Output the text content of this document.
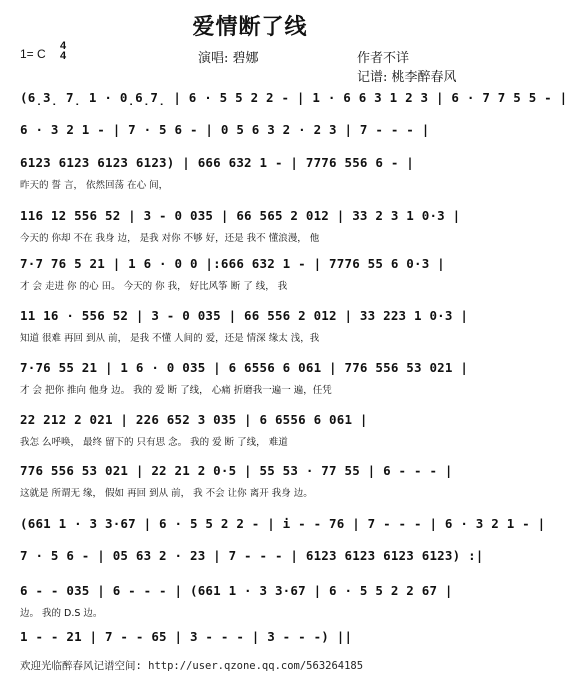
爱情断了线
1= C
4
4	演唱: 碧娜	作者不详
记谱: 桃李醉春风
(6̣3̣ 7̣ 1 · 0̣6̣7̣ | 6 · 5 5 2 2 - | 1 · 6 6 3 1 2 3 | 6 · 7 7 5 5 - |
6 · 3 2 1 - | 7 · 5 6 - | 0 5 6 3 2 · 2 3 | 7 - - - |
6123 6123 6123 6123) | 666 632 1 - | 7776 556 6 - |
昨天的 誓 言， 依然回荡 在心 间，
116 12 556 52 | 3 - 0 035 | 66 565 2 012 | 33 2 3 1 0·3 |
今天的 你却 不在 我身 边， 是我 对你 不够 好，还是 我不 懂浪漫， 他
7·7 76 5 21 | 1 6 · 0 0 |:666 632 1 - | 7776 55 6 0·3 |
才 会 走进 你 的心 田。 今天的 你 我， 好比风筝 断 了 线， 我
11 16 · 556 52 | 3 - 0 035 | 66 556 2 012 | 33 223 1 0·3 |
知道 很难 再回 到从 前， 是我 不懂 人间的 爱，还是 情深 缘太 浅，我
7·76 55 21 | 1 6 · 0 035 | 6 6556 6 061 | 776 556 53 021 |
才 会 把你 推向 他身 边。 我的 爱 断 了线， 心痛 折磨我一遍一 遍，任凭
22 212 2 021 | 226 652 3 035 | 6 6556 6 061 |
我怎 么呼唤， 最终 留下的 只有思 念。 我的 爱 断 了线， 难道
776 556 53 021 | 22 21 2 0·5 | 55 53 · 77 55 | 6 - - - |
这就是 所谓无 缘， 假如 再回 到从 前， 我 不会 让你 离开 我身 边。
(661 1 · 3 3·67 | 6 · 5 5 2 2 - | i - - 76 | 7 - - - | 6 · 3 2 1 - |
7 · 5 6 - | 05 63 2 · 23 | 7 - - - | 6123 6123 6123 6123) :|
6 - - 035 | 6 - - - | (661 1 · 3 3·67 | 6 · 5 5 2 2 67 |
边。 我的 D.S 边。
1 - - 21 | 7 - - 65 | 3 - - - | 3 - - -) ||
欢迎光临醉春风记谱空间: http://user.qzone.qq.com/563264185
